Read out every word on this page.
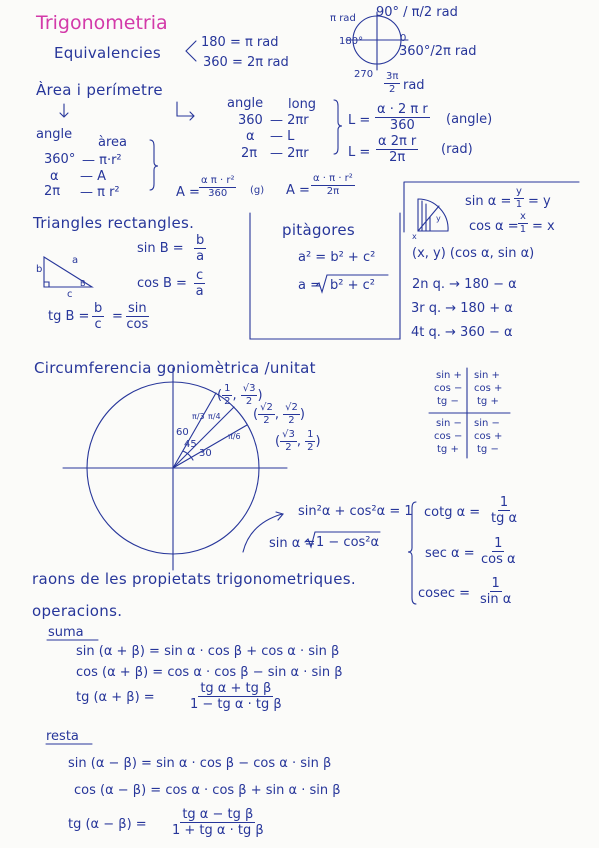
Trigonometria
Equivalencies
180 = π rad
360 = 2π rad
90° / π/2 rad
π rad
180°	0
360°/2π rad
$270 \frac{3\pi}{2}$ rad
Àrea i perímetre
angle
àrea
360° — π·r²
α — A
2π — π r²
angle long
360 — 2πr
α — L
2π — 2πr
$L = \frac{\text{α · 2 π r}}{360}$ (angle)
$L = \frac{\text{α 2π r}}{2\pi} (rad)$
$A = \frac{\text{α π · r²}}{360} (g) A = \frac{\text{α · π · r²}}{2\pi}$
Triangles rectangles.
b
a
c
B
$\sin B = \frac{b}{a}$
$\cos B = \frac{c}{a}$
tg $B = \frac{b}{c} = \frac{\sin}{\cos}$
pitàgores
a² = b² + c²
a = b² + c²
x
y
$\sin \alpha = \frac{y}{1} = y$
$\cos \alpha = \frac{x}{1} = x$
(x, y) (cos α, sin α)
2n q. → 180 − α
3r q. → 180 + α
4t q. → 360 − α
Circumferencia goniomètrica /unitat
60
45
30
π/3 π/4
π/6
( $\frac{1}{2}$ , $\frac{√3}{2}$ )
( $\frac{√2}{2}$ , $\frac{√2}{2}$ )
( $\frac{√3}{2}$ , $\frac{1}{2}$ )
sin +
cos −
tg −
sin +
cos +
tg +
sin −
cos −
tg +
sin −
cos +
tg −
sin²α + cos²α = 1
sin α = 1 − cos²α
cotg $\alpha = \frac{1}{\text{tg α}}$
$\sec \alpha = \frac{1}{\text{cos α}}$
$cosec = \frac{1}{\text{sin α}}$
raons de les propietats trigonometriques.
operacions.
suma
sin (α + β) = sin α · cos β + cos α · sin β
cos (α + β) = cos α · cos β − sin α · sin β
tg (α + β) =	$\frac{\text{tg α + tg β}}{\text{1 − tg α · tg β}}$
resta
sin (α − β) = sin α · cos β − cos α · sin β
cos (α − β) = cos α · cos β + sin α · sin β
tg $(\alpha - \beta) = \frac{\text{tg α − tg β}}{\text{1 + tg α · tg β}}$
